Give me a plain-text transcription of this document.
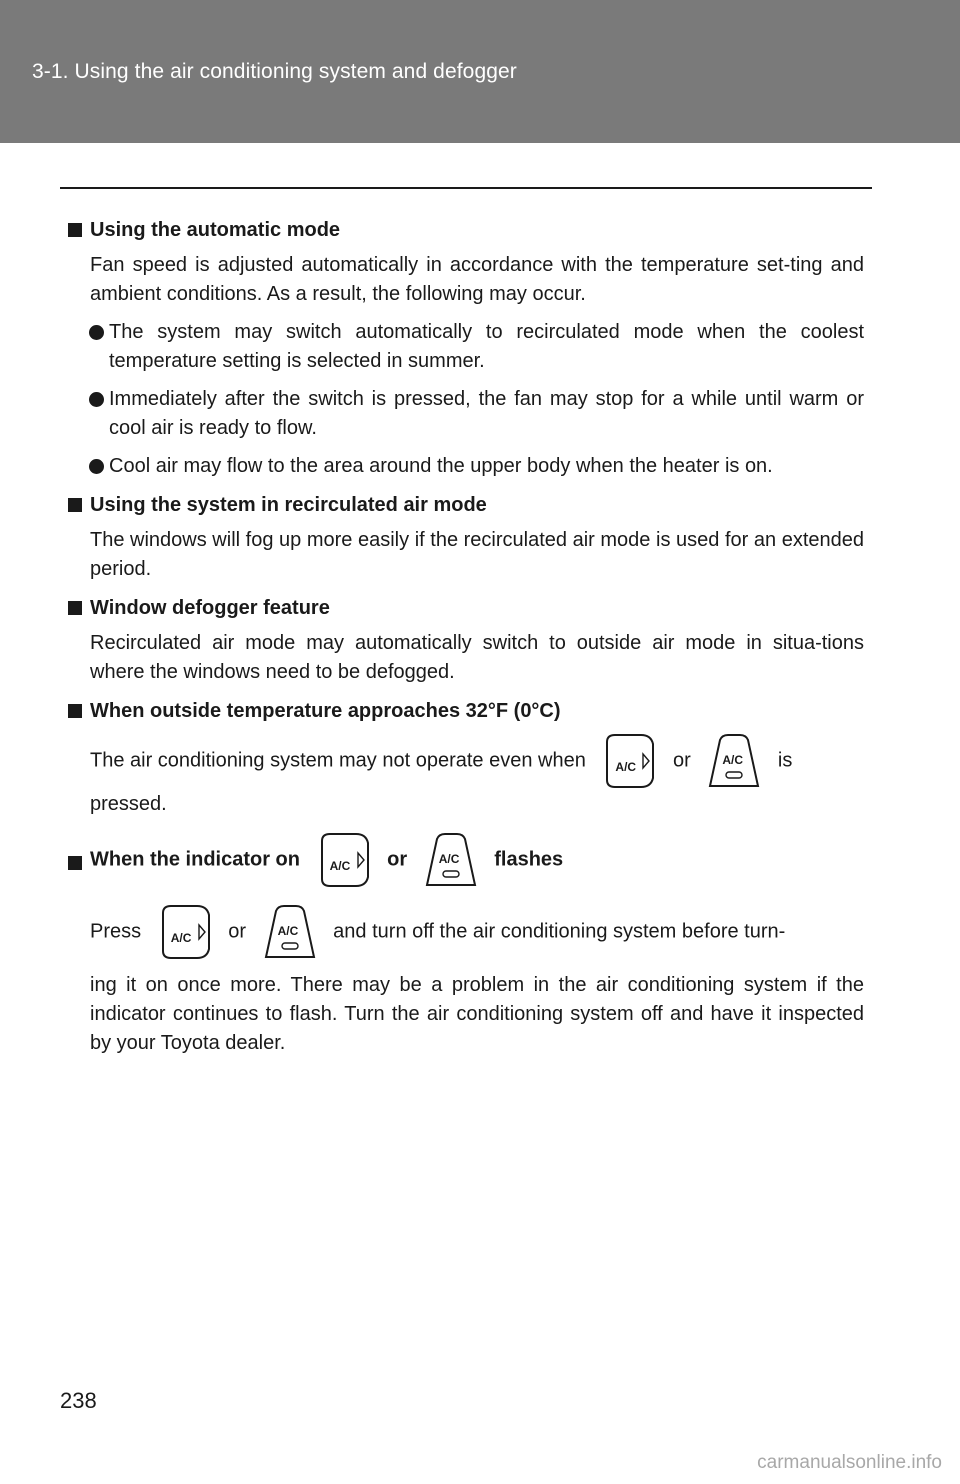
3-1. Using the air conditioning system and defogger
Using the automatic mode
Fan speed is adjusted automatically in accordance with the temperature set-ting and ambient conditions. As a result, the following may occur.
The system may switch automatically to recirculated mode when the coolest temperature setting is selected in summer.
Immediately after the switch is pressed, the fan may stop for a while until warm or cool air is ready to flow.
Cool air may flow to the area around the upper body when the heater is on.
Using the system in recirculated air mode
The windows will fog up more easily if the recirculated air mode is used for an extended period.
Window defogger feature
Recirculated air mode may automatically switch to outside air mode in situa-tions where the windows need to be defogged.
When outside temperature approaches 32°F (0°C)
The air conditioning system may not operate even when A/C or	A/C is pressed.
When the indicator on A/C or	A/C flashes
Press A/C or	A/C and turn off the air conditioning system before turn-
ing it on once more. There may be a problem in the air conditioning system if the indicator continues to flash. Turn the air conditioning system off and have it inspected by your Toyota dealer.
238
carmanualsonline.info
